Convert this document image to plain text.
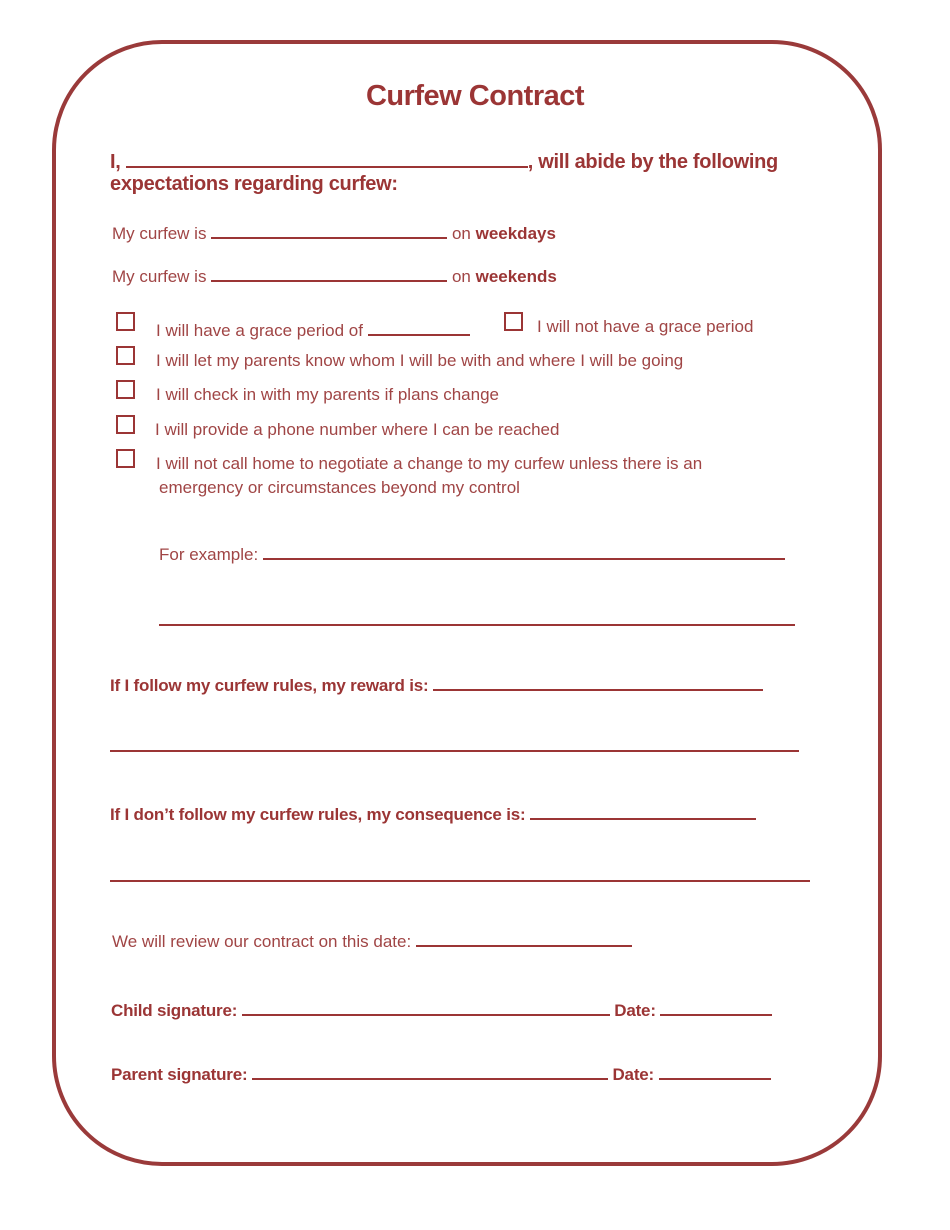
Curfew Contract
I,	, will abide by the following
expectations regarding curfew:
My curfew is	on weekdays
My curfew is	on weekends
I will have a grace period of	I will not have a grace period
I will let my parents know whom I will be with and where I will be going
I will check in with my parents if plans change
I will provide a phone number where I can be reached
I will not call home to negotiate a change to my curfew unless there is an
emergency or circumstances beyond my control
For example:
If I follow my curfew rules, my reward is:
If I don’t follow my curfew rules, my consequence is:
We will review our contract on this date:
Child signature:	Date:
Parent signature:	Date:
